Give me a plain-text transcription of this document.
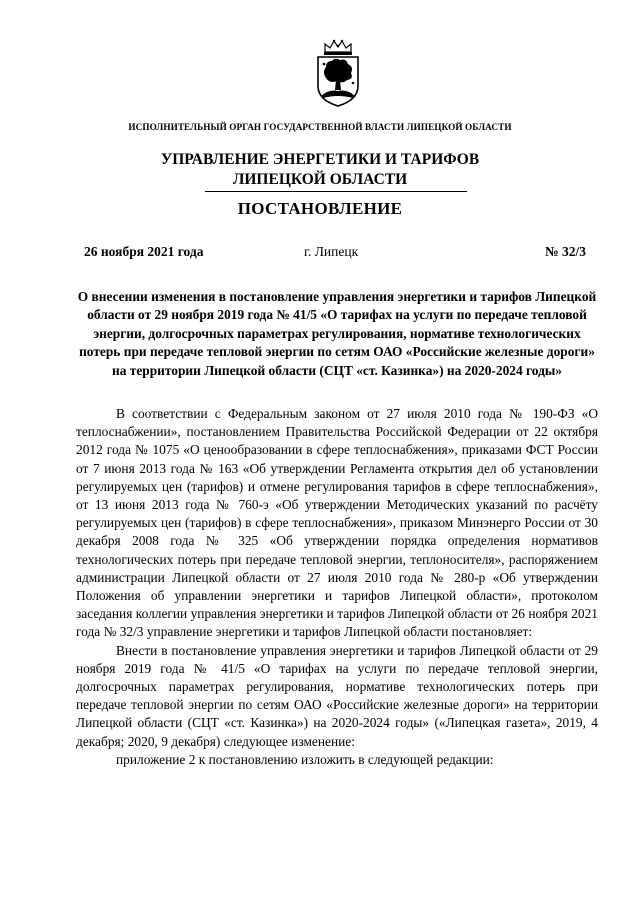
ИСПОЛНИТЕЛЬНЫЙ ОРГАН ГОСУДАРСТВЕННОЙ ВЛАСТИ ЛИПЕЦКОЙ ОБЛАСТИ
УПРАВЛЕНИЕ ЭНЕРГЕТИКИ И ТАРИФОВ
ЛИПЕЦКОЙ ОБЛАСТИ
ПОСТАНОВЛЕНИЕ
26 ноября 2021 года	г. Липецк	№ 32/3
О внесении изменения в постановление управления энергетики и тарифов Липецкой области от 29 ноября 2019 года № 41/5 «О тарифах на услуги по передаче тепловой энергии, долгосрочных параметрах регулирования, нормативе технологических потерь при передаче тепловой энергии по сетям ОАО «Российские железные дороги» на территории Липецкой области (СЦТ «ст. Казинка») на 2020-2024 годы»

В соответствии с Федеральным законом от 27 июля 2010 года № 190-ФЗ «О теплоснабжении», постановлением Правительства Российской Федерации от 22 октября 2012 года № 1075 «О ценообразовании в сфере теплоснабжения», приказами ФСТ России от 7 июня 2013 года № 163 «Об утверждении Регламента открытия дел об установлении регулируемых цен (тарифов) и отмене регулирования тарифов в сфере теплоснабжения», от 13 июня 2013 года № 760-э «Об утверждении Методических указаний по расчёту регулируемых цен (тарифов) в сфере теплоснабжения», приказом Минэнерго России от 30 декабря 2008 года № 325 «Об утверждении порядка определения нормативов технологических потерь при передаче тепловой энергии, теплоносителя», распоряжением администрации Липецкой области от 27 июля 2010 года № 280-р «Об утверждении Положения об управлении энергетики и тарифов Липецкой области», протоколом заседания коллегии управления энергетики и тарифов Липецкой области от 26 ноября 2021 года № 32/3 управление энергетики и тарифов Липецкой области постановляет:

Внести в постановление управления энергетики и тарифов Липецкой области от 29 ноября 2019 года № 41/5 «О тарифах на услуги по передаче тепловой энергии, долгосрочных параметрах регулирования, нормативе технологических потерь при передаче тепловой энергии по сетям ОАО «Российские железные дороги» на территории Липецкой области (СЦТ «ст. Казинка») на 2020-2024 годы» («Липецкая газета», 2019, 4 декабря; 2020, 9 декабря) следующее изменение:

приложение 2 к постановлению изложить в следующей редакции:
